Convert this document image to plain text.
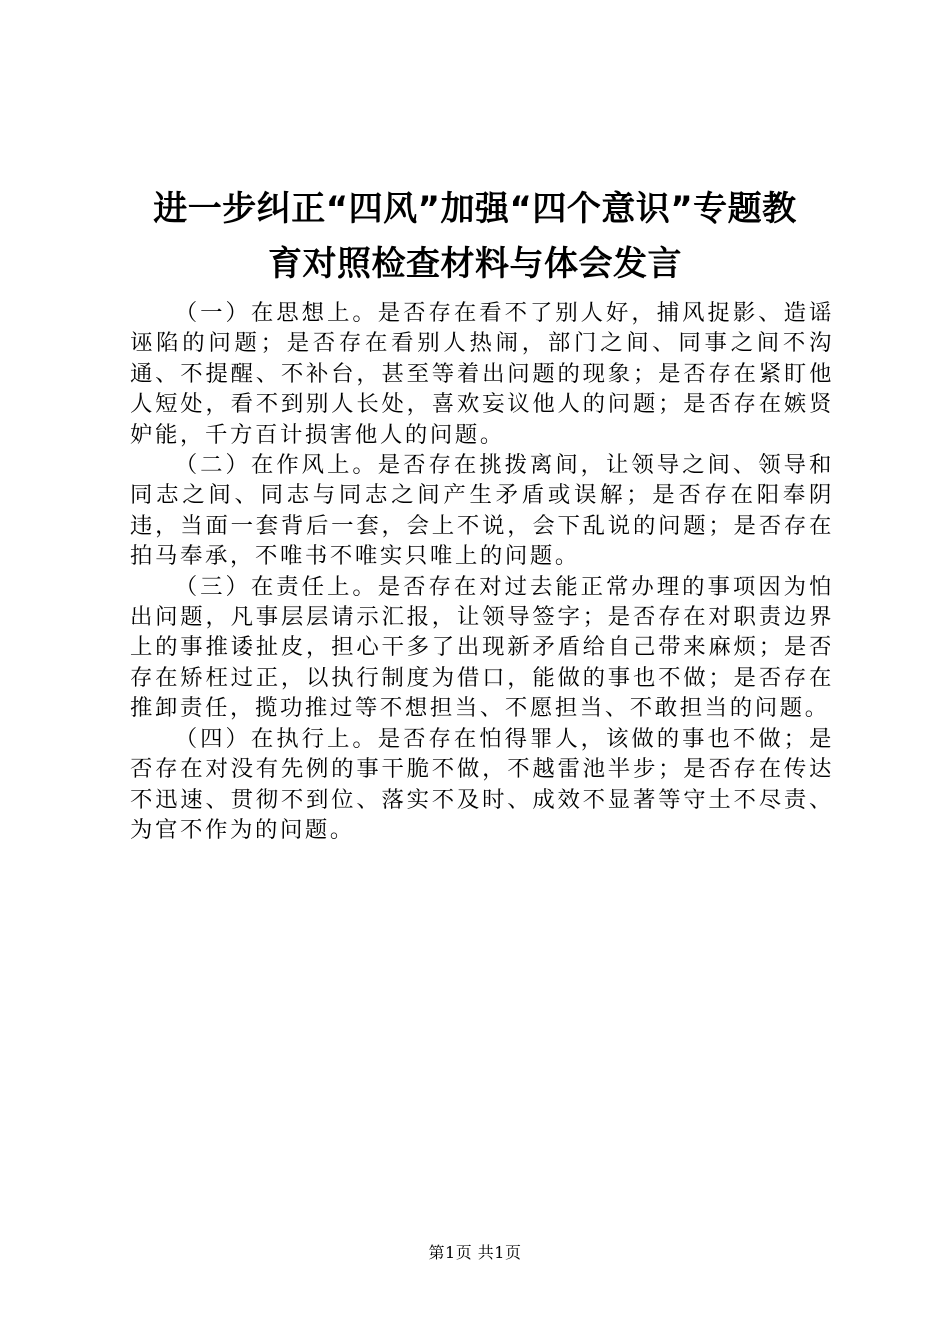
进一步纠正“四风”加强“四个意识”专题教
育对照检查材料与体会发言

（一）在思想上。是否存在看不了别人好，捕风捉影、造谣诬陷的问题；是否存在看别人热闹，部门之间、同事之间不沟通、不提醒、不补台，甚至等着出问题的现象；是否存在紧盯他人短处，看不到别人长处，喜欢妄议他人的问题；是否存在嫉贤妒能，千方百计损害他人的问题。

（二）在作风上。是否存在挑拨离间，让领导之间、领导和同志之间、同志与同志之间产生矛盾或误解；是否存在阳奉阴违，当面一套背后一套，会上不说，会下乱说的问题；是否存在拍马奉承，不唯书不唯实只唯上的问题。

（三）在责任上。是否存在对过去能正常办理的事项因为怕出问题，凡事层层请示汇报，让领导签字；是否存在对职责边界上的事推诿扯皮，担心干多了出现新矛盾给自己带来麻烦；是否存在矫枉过正，以执行制度为借口，能做的事也不做；是否存在推卸责任，揽功推过等不想担当、不愿担当、不敢担当的问题。

（四）在执行上。是否存在怕得罪人，该做的事也不做；是否存在对没有先例的事干脆不做，不越雷池半步；是否存在传达不迅速、贯彻不到位、落实不及时、成效不显著等守土不尽责、为官不作为的问题。

第1页 共1页
